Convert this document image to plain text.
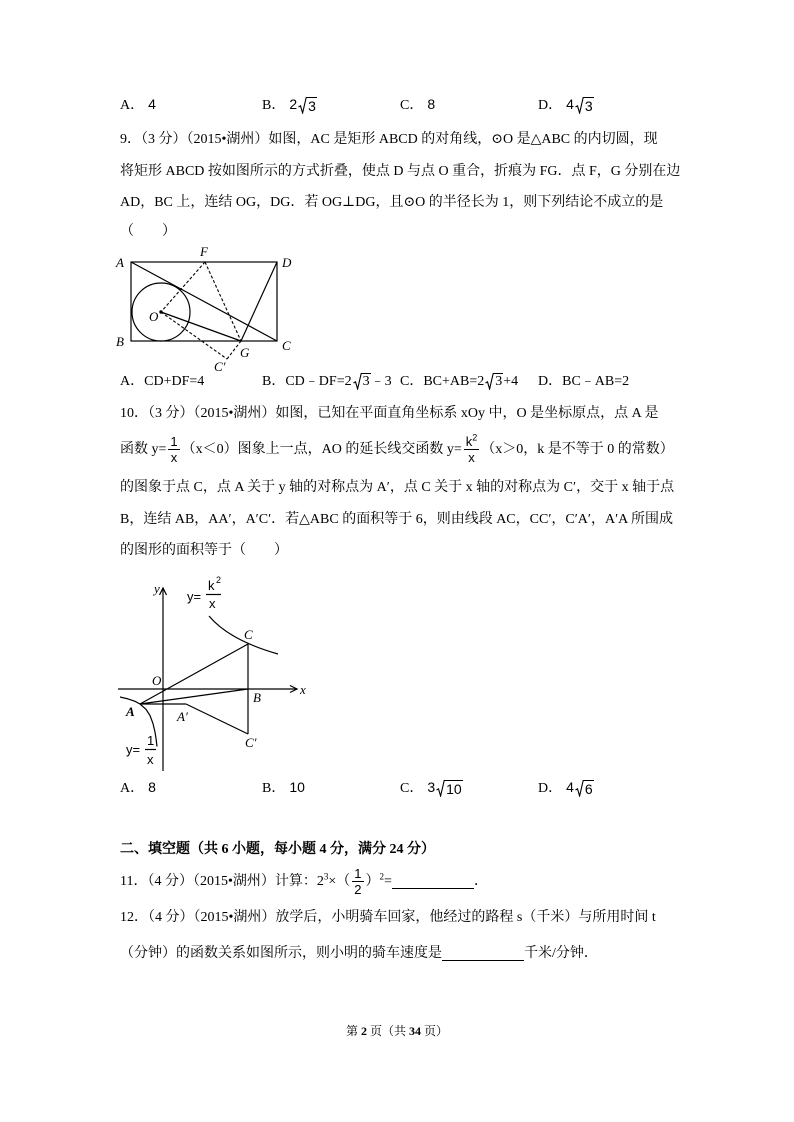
A． 4	B． 2 3	C． 8	D． 4 3
9．（3 分）（2015•湖州）如图，AC 是矩形 ABCD 的对角线，⊙O 是△ABC 的内切圆，现
将矩形 ABCD 按如图所示的方式折叠，使点 D 与点 O 重合，折痕为 FG．点 F，G 分别在边
AD，BC 上，连结 OG，DG．若 OG⊥DG，且⊙O 的半径长为 1，则下列结论不成立的是
（　　）
A	D
B	C
F
O
G
C′
A．CD+DF=4	B．CD﹣DF=2 3 ﹣3 C．BC+AB=2 3 +4 D．BC﹣AB=2
10．（3 分）（2015•湖州）如图，已知在平面直角坐标系 xOy 中，O 是坐标原点，点 A 是
函数 $y= \frac{1}{x} (x<0)$图象上一点，AO 的延长线交函数 $y= \frac{k^2}{x} (x>0$，k 是不等于 0 的常数）
的图象于点 C，点 A 关于 y 轴的对称点为 A′，点 C 关于 x 轴的对称点为 C′，交于 x 轴于点
B，连结 AB，AA′，A′C′．若△ABC 的面积等于 6，则由线段 AC，CC′，C′A′，A′A 所围成
的图形的面积等于（　　）
y
x
O
A	A′
B
C
C′
y=
k 2
x
y=
1
x
A． 8	B． 10	C． 3 10	D． 4 6
二、填空题（共 6 小题，每小题 4 分，满分 24 分）
11．（4 分）（2015•湖州）计算：$2^3\times( \frac{1}{2} )^2=$	．
12．（4 分）（2015•湖州）放学后，小明骑车回家，他经过的路程 s（千米）与所用时间 t
（分钟）的函数关系如图所示，则小明的骑车速度是	千米/分钟．
第 2 页（共 34 页）
